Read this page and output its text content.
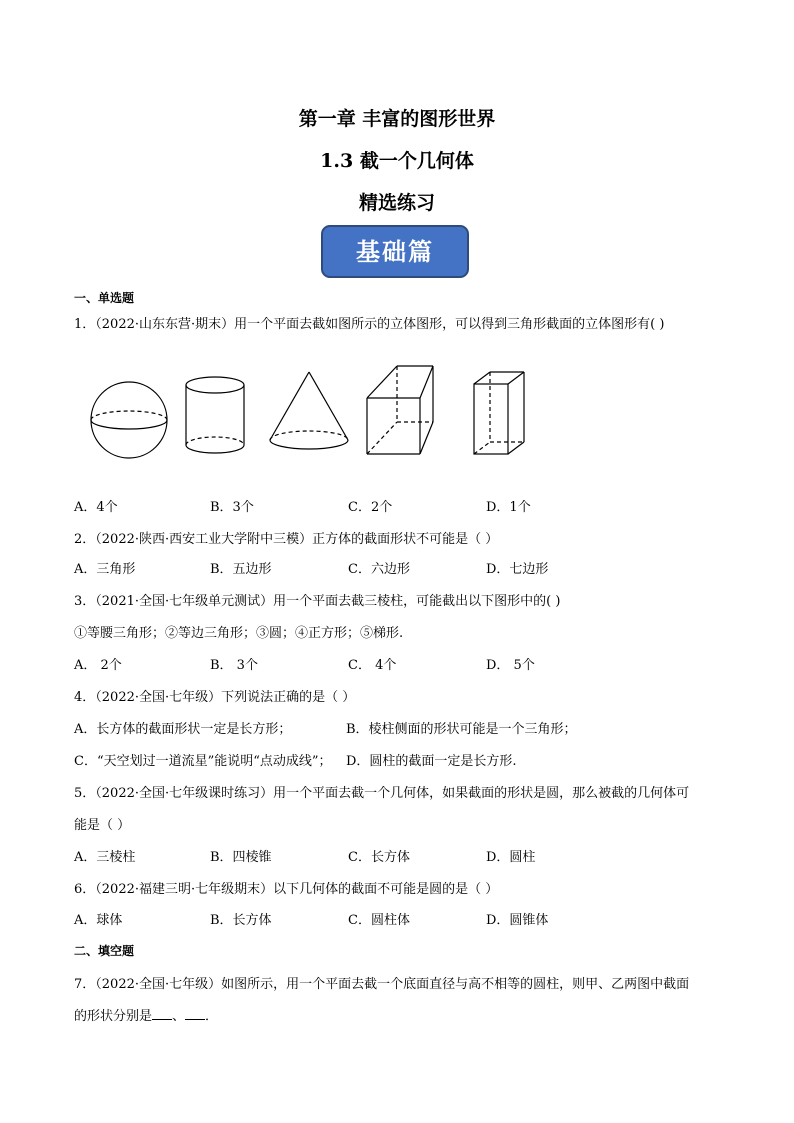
第一章 丰富的图形世界
1.3 截一个几何体
精选练习
基础篇
一、单选题
1．（2022·山东东营·期末）用一个平面去截如图所示的立体图形，可以得到三角形截面的立体图形有( )
A．4个	B．3个	C．2个	D．1个
2．（2022·陕西·西安工业大学附中三模）正方体的截面形状不可能是（ ）
A．三角形	B．五边形	C．六边形	D．七边形
3．（2021·全国·七年级单元测试）用一个平面去截三棱柱，可能截出以下图形中的( )
①等腰三角形；②等边三角形；③圆；④正方形；⑤梯形.
A． 2个	B． 3个	C． 4个	D． 5个
4．（2022·全国·七年级）下列说法正确的是（ ）
A．长方体的截面形状一定是长方形；	B．棱柱侧面的形状可能是一个三角形；
C．“天空划过一道流星”能说明“点动成线”； D．圆柱的截面一定是长方形.
5．（2022·全国·七年级课时练习）用一个平面去截一个几何体，如果截面的形状是圆，那么被截的几何体可
能是（ ）
A．三棱柱	B．四棱锥	C．长方体	D．圆柱
6．（2022·福建三明·七年级期末）以下几何体的截面不可能是圆的是（ ）
A．球体	B．长方体	C．圆柱体	D．圆锥体
二、填空题
7．（2022·全国·七年级）如图所示，用一个平面去截一个底面直径与高不相等的圆柱，则甲、乙两图中截面
的形状分别是 、 ．
